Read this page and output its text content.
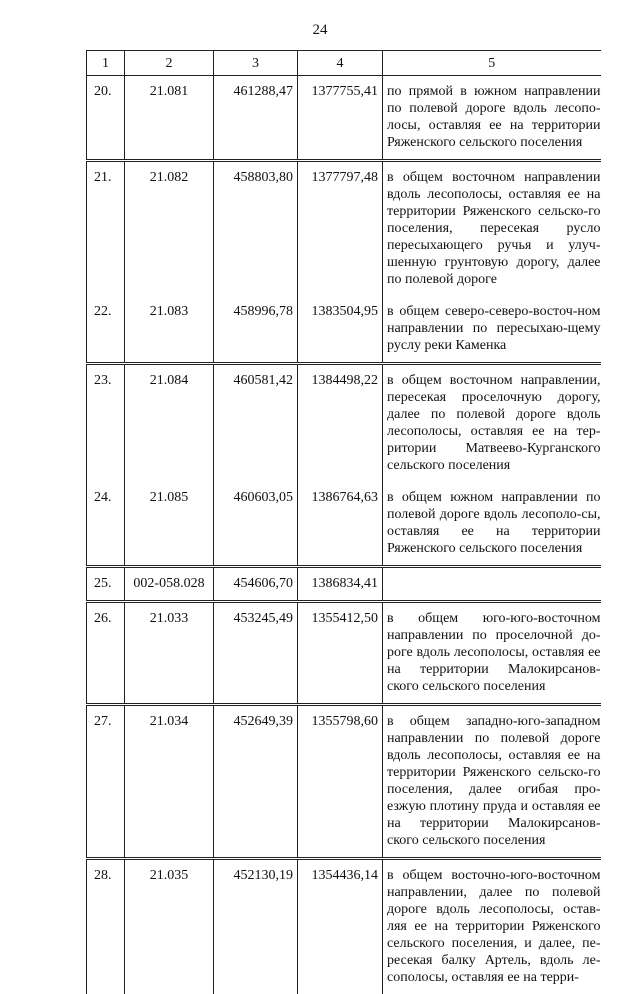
24
1	2	3	4	5
20.	21.081	461288,47	1377755,41	по прямой в южном направлении по полевой дороге вдоль лесопо-лосы, оставляя ее на территории Ряженского сельского поселения
21.	21.082	458803,80	1377797,48	в общем восточном направлении вдоль лесополосы, оставляя ее на территории Ряженского сельско-го поселения, пересекая русло пересыхающего ручья и улуч-шенную грунтовую дорогу, далее по полевой дороге
22.	21.083	458996,78	1383504,95	в общем северо-северо-восточ-ном направлении по пересыхаю-щему руслу реки Каменка
23.	21.084	460581,42	1384498,22	в общем восточном направлении, пересекая проселочную дорогу, далее по полевой дороге вдоль лесополосы, оставляя ее на тер-ритории Матвеево-Курганского сельского поселения
24.	21.085	460603,05	1386764,63	в общем южном направлении по полевой дороге вдоль лесополо-сы, оставляя ее на территории Ряженского сельского поселения
25.	002-058.028	454606,70	1386834,41	
26.	21.033	453245,49	1355412,50	в общем юго-юго-восточном направлении по проселочной до-роге вдоль лесополосы, оставляя ее на территории Малокирсанов-ского сельского поселения
27.	21.034	452649,39	1355798,60	в общем западно-юго-западном направлении по полевой дороге вдоль лесополосы, оставляя ее на территории Ряженского сельско-го поселения, далее огибая про-езжую плотину пруда и оставляя ее на территории Малокирсанов-ского сельского поселения
28.	21.035	452130,19	1354436,14	в общем восточно-юго-восточном направлении, далее по полевой дороге вдоль лесополосы, остав-ляя ее на территории Ряженского сельского поселения, и далее, пе-ресекая балку Артель, вдоль ле-сополосы, оставляя ее на терри-
